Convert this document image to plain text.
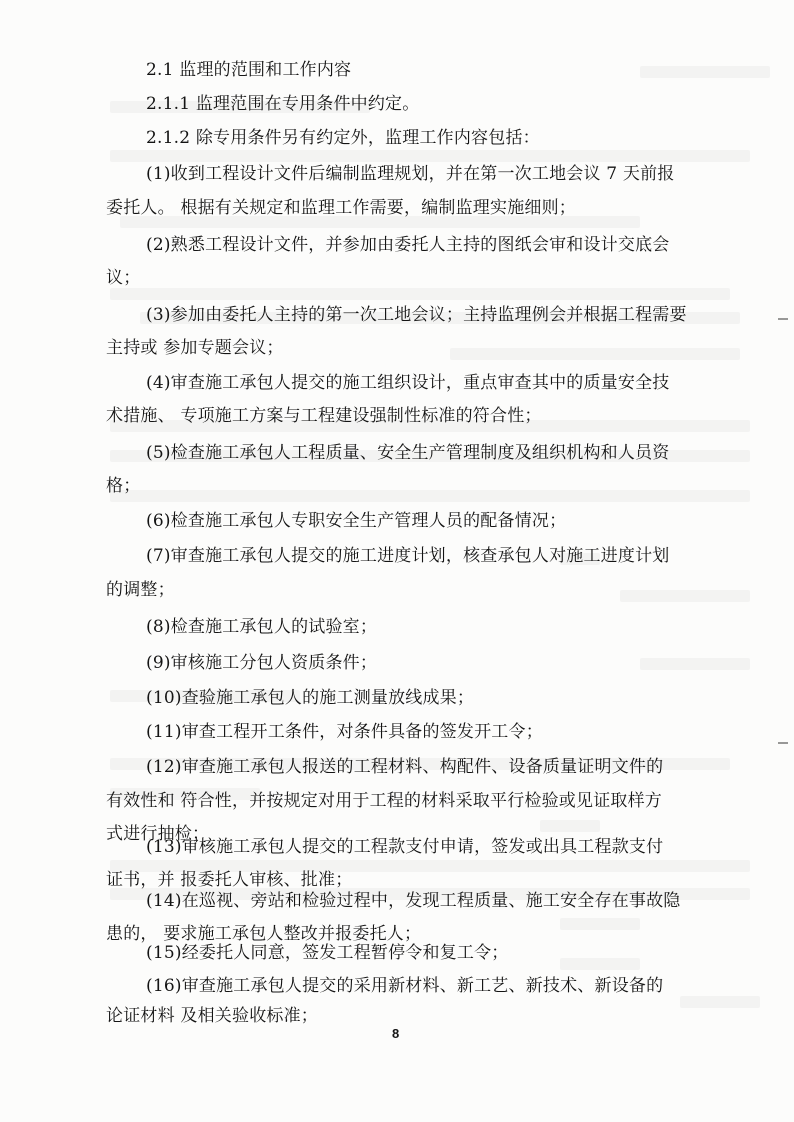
2.1 监理的范围和工作内容
2.1.1 监理范围在专用条件中约定。
2.1.2 除专用条件另有约定外，监理工作内容包括：
(1)收到工程设计文件后编制监理规划，并在第一次工地会议 7 天前报
委托人。 根据有关规定和监理工作需要，编制监理实施细则；
(2)熟悉工程设计文件，并参加由委托人主持的图纸会审和设计交底会
议；
(3)参加由委托人主持的第一次工地会议；主持监理例会并根据工程需要
主持或 参加专题会议；
(4)审查施工承包人提交的施工组织设计，重点审查其中的质量安全技
术措施、 专项施工方案与工程建设强制性标准的符合性；
(5)检查施工承包人工程质量、安全生产管理制度及组织机构和人员资
格；
(6)检查施工承包人专职安全生产管理人员的配备情况；
(7)审查施工承包人提交的施工进度计划，核查承包人对施工进度计划
的调整；
(8)检查施工承包人的试验室；
(9)审核施工分包人资质条件；
(10)查验施工承包人的施工测量放线成果；
(11)审查工程开工条件，对条件具备的签发开工令；
(12)审查施工承包人报送的工程材料、构配件、设备质量证明文件的
有效性和 符合性，并按规定对用于工程的材料采取平行检验或见证取样方
式进行抽检；
(13)审核施工承包人提交的工程款支付申请，签发或出具工程款支付
证书，并 报委托人审核、批准；
(14)在巡视、旁站和检验过程中，发现工程质量、施工安全存在事故隐
患的， 要求施工承包人整改并报委托人；
(15)经委托人同意，签发工程暂停令和复工令；
8
(16)审查施工承包人提交的采用新材料、新工艺、新技术、新设备的
论证材料 及相关验收标准；
